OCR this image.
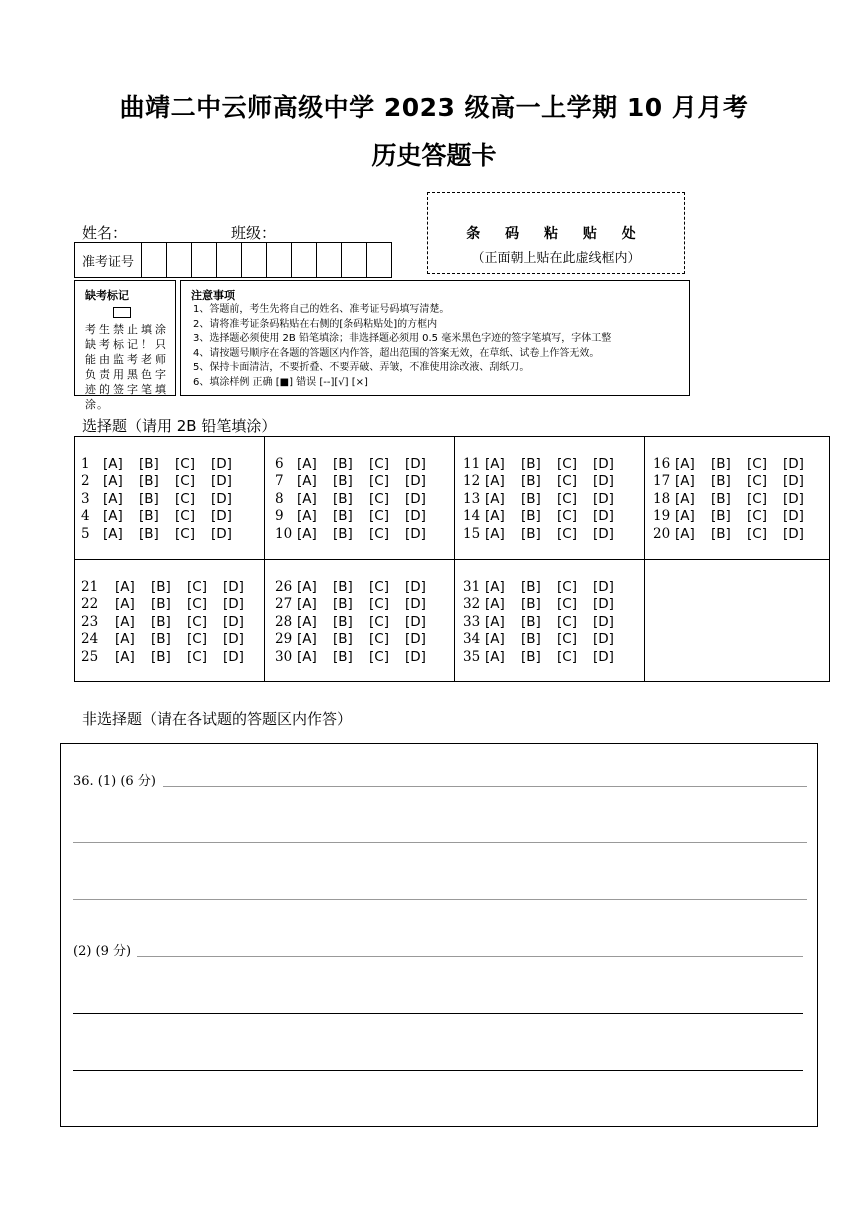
曲靖二中云师高级中学 2023 级高一上学期 10 月月考
历史答题卡
姓名：	班级：
准考证号
条 码 粘 贴 处
（正面朝上贴在此虚线框内）
缺考标记
考生禁止填涂缺考标记！只能由监考老师负责用黑色字迹的签字笔填涂。
注意事项
1、答题前，考生先将自己的姓名、准考证号码填写清楚。
2、请将准考证条码粘贴在右侧的[条码粘贴处]的方框内
3、选择题必须使用 2B 铅笔填涂；非选择题必须用 0.5 毫米黑色字迹的签字笔填写，字体工整
4、请按题号顺序在各题的答题区内作答，超出范围的答案无效，在草纸、试卷上作答无效。
5、保持卡面清洁，不要折叠、不要弄破、弄皱，不准使用涂改液、刮纸刀。
6、填涂样例 正确 [■] 错误 [--][√] [×]
选择题（请用 2B 铅笔填涂）
1 [A]	[B]	[C]	[D]
2 [A]	[B]	[C]	[D]
3 [A]	[B]	[C]	[D]
4 [A]	[B]	[C]	[D]
5 [A]	[B]	[C]	[D]
6 [A]	[B]	[C]	[D]
7 [A]	[B]	[C]	[D]
8 [A]	[B]	[C]	[D]
9 [A]	[B]	[C]	[D]
10 [A]	[B]	[C]	[D]
11 [A]	[B]	[C]	[D]
12 [A]	[B]	[C]	[D]
13 [A]	[B]	[C]	[D]
14 [A]	[B]	[C]	[D]
15 [A]	[B]	[C]	[D]
16 [A]	[B]	[C]	[D]
17 [A]	[B]	[C]	[D]
18 [A]	[B]	[C]	[D]
19 [A]	[B]	[C]	[D]
20 [A]	[B]	[C]	[D]
21	[A]	[B]	[C]	[D]
22	[A]	[B]	[C]	[D]
23	[A]	[B]	[C]	[D]
24	[A]	[B]	[C]	[D]
25	[A]	[B]	[C]	[D]
26 [A]	[B]	[C]	[D]
27 [A]	[B]	[C]	[D]
28 [A]	[B]	[C]	[D]
29 [A]	[B]	[C]	[D]
30 [A]	[B]	[C]	[D]
31 [A]	[B]	[C]	[D]
32 [A]	[B]	[C]	[D]
33 [A]	[B]	[C]	[D]
34 [A]	[B]	[C]	[D]
35 [A]	[B]	[C]	[D]
非选择题（请在各试题的答题区内作答）
36. (1) (6 分)
(2) (9 分)
